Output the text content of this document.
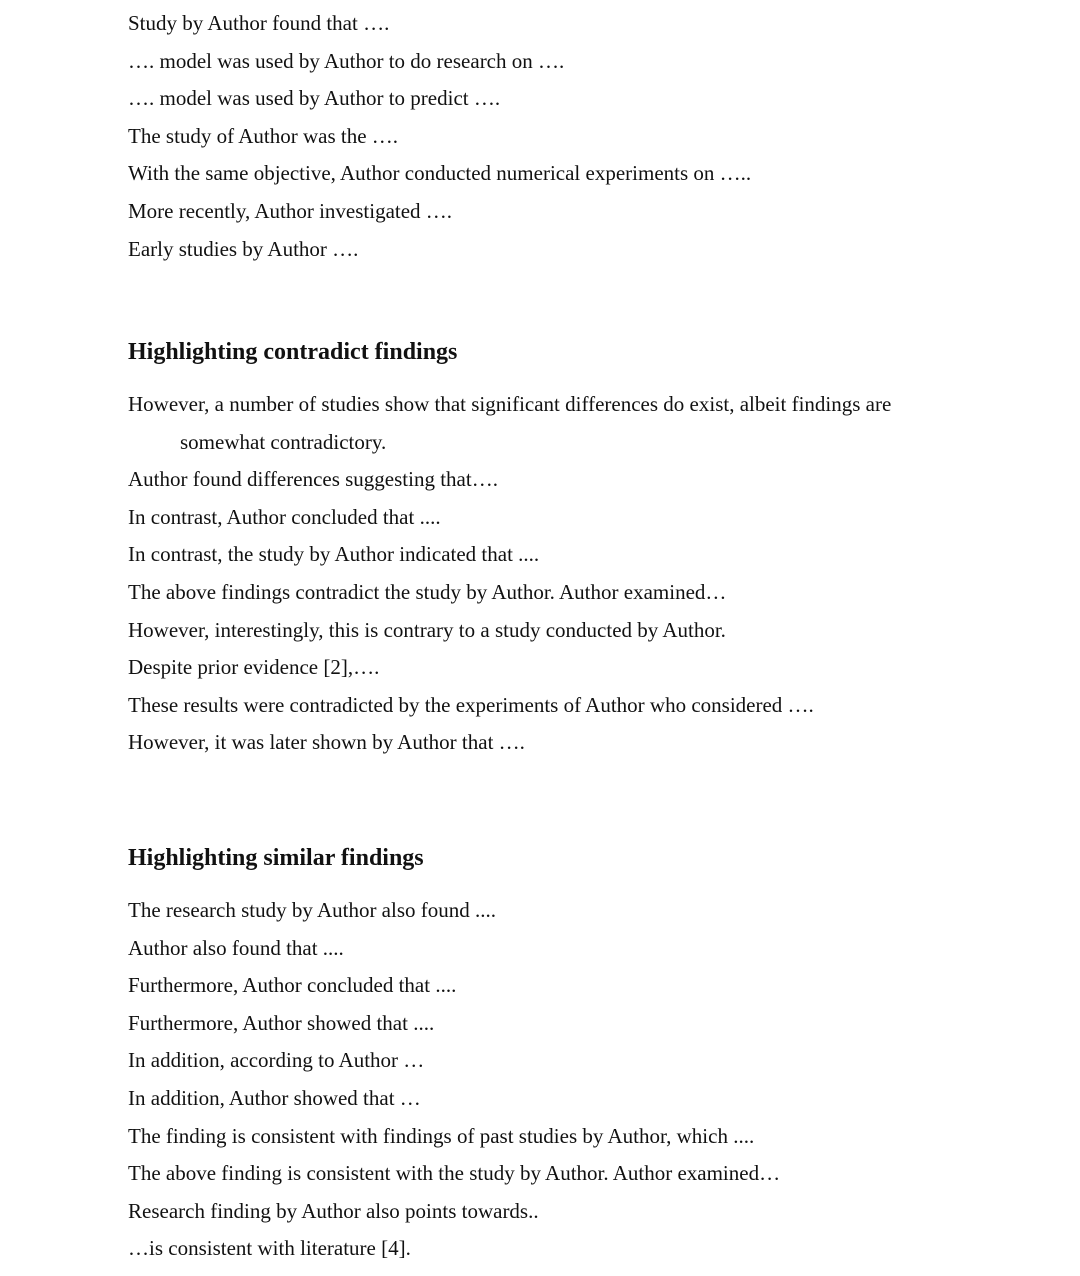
Study by Author found that ….

…. model was used by Author to do research on ….

…. model was used by Author to predict ….

The study of Author was the ….

With the same objective, Author conducted numerical experiments on …..

More recently, Author investigated ….

Early studies by Author ….

Highlighting contradict findings

However, a number of studies show that significant differences do exist, albeit findings are

somewhat contradictory.

Author found differences suggesting that….

In contrast, Author concluded that ....

In contrast, the study by Author indicated that ....

The above findings contradict the study by Author. Author examined…

However, interestingly, this is contrary to a study conducted by Author.

Despite prior evidence [2],….

These results were contradicted by the experiments of Author who considered ….

However, it was later shown by Author that ….

Highlighting similar findings

The research study by Author also found ....

Author also found that ....

Furthermore, Author concluded that ....

Furthermore, Author showed that ....

In addition, according to Author …

In addition, Author showed that …

The finding is consistent with findings of past studies by Author, which ....

The above finding is consistent with the study by Author. Author examined…

Research finding by Author also points towards..

…is consistent with literature [4].
